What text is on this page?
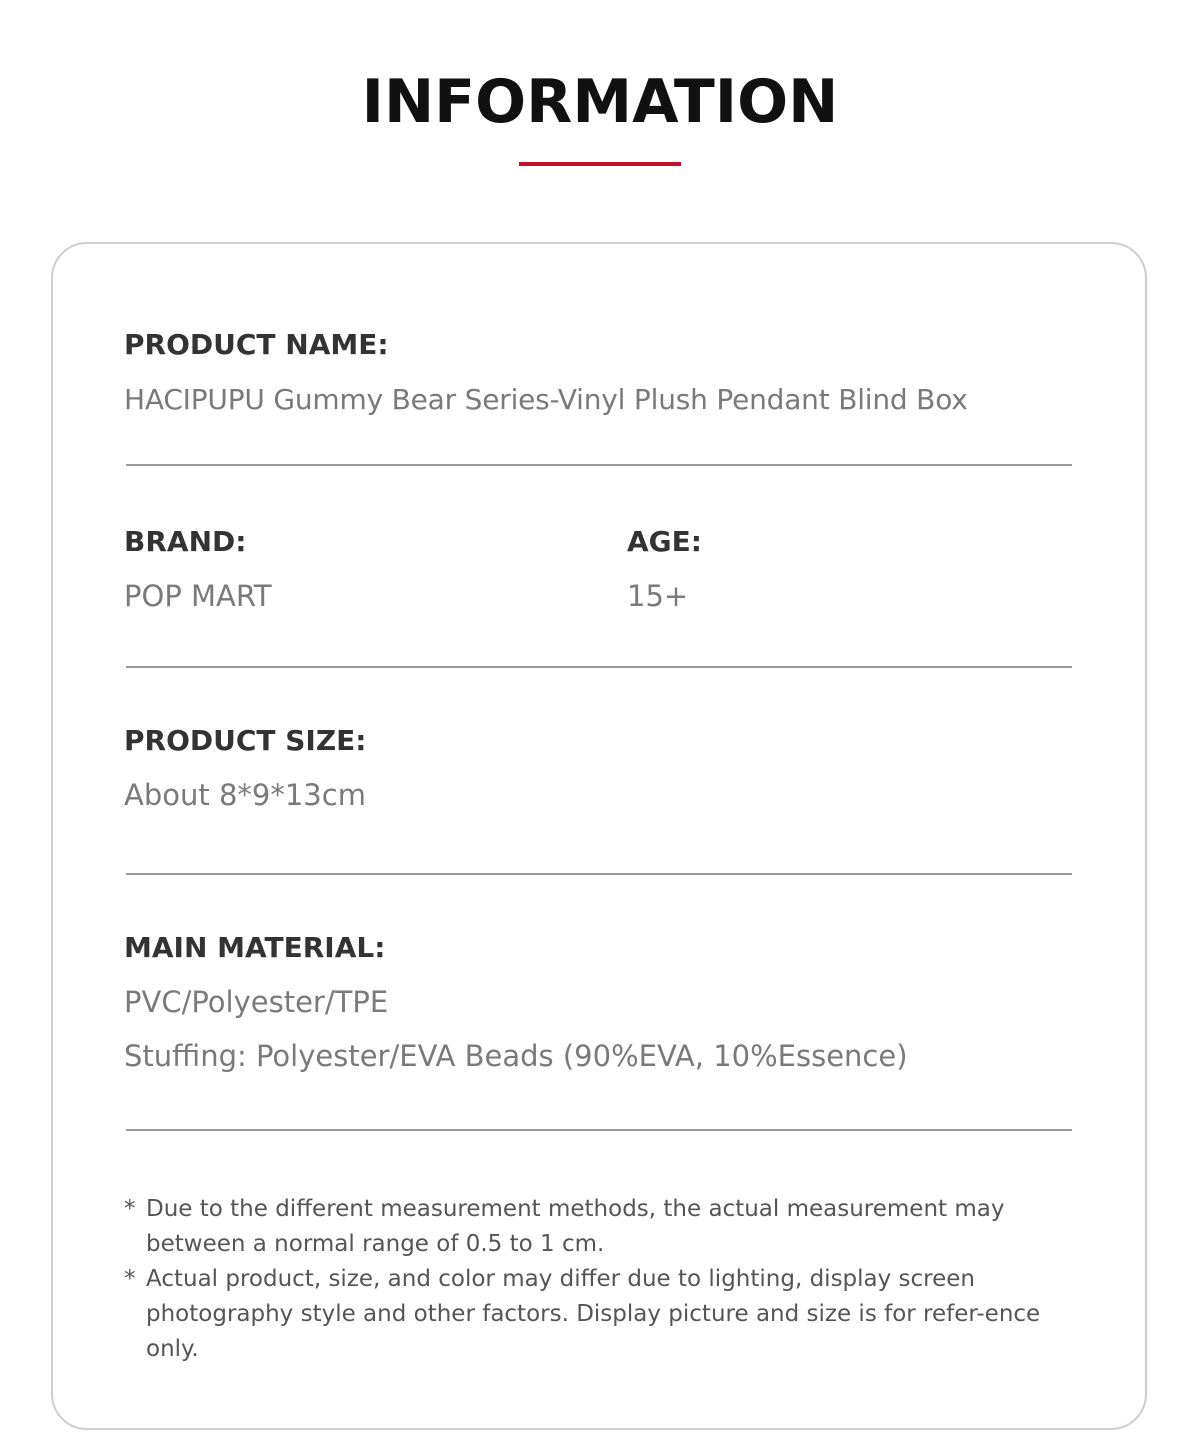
INFORMATION
PRODUCT NAME:
HACIPUPU Gummy Bear Series-Vinyl Plush Pendant Blind Box
BRAND:
POP MART
AGE:
15+
PRODUCT SIZE:
About 8*9*13cm
MAIN MATERIAL:
PVC/Polyester/TPE
Stuffing: Polyester/EVA Beads (90%EVA, 10%Essence)
* Due to the different measurement methods, the actual measurement may between a normal range of 0.5 to 1 cm.
* Actual product, size, and color may differ due to lighting, display screen photography style and other factors. Display picture and size is for refer-ence only.
